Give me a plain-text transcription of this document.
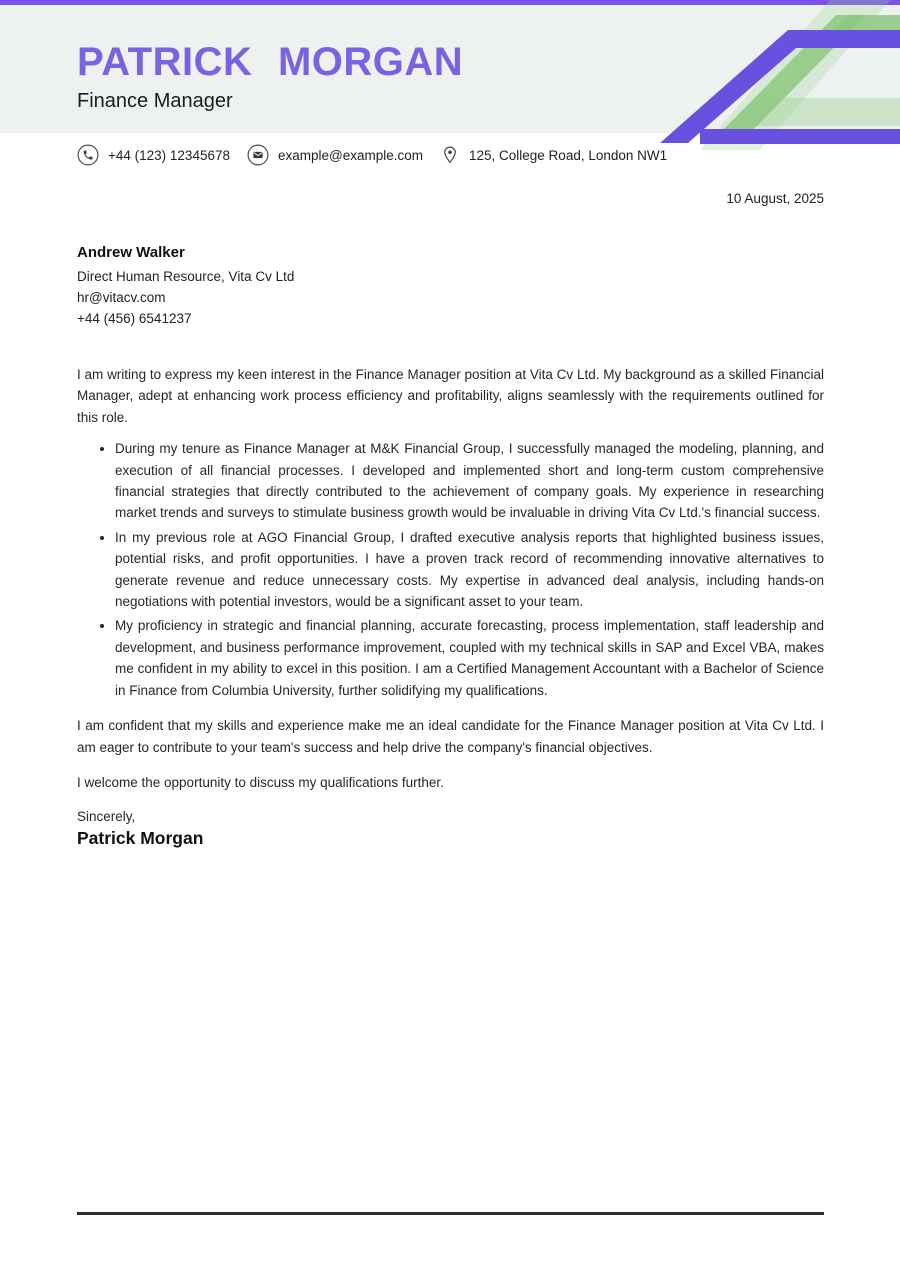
PATRICK MORGAN
Finance Manager
+44 (123) 12345678	example@example.com	125, College Road, London NW1
10 August, 2025
Andrew Walker
Direct Human Resource, Vita Cv Ltd
hr@vitacv.com
+44 (456) 6541237

I am writing to express my keen interest in the Finance Manager position at Vita Cv Ltd. My background as a skilled Financial Manager, adept at enhancing work process efficiency and profitability, aligns seamlessly with the requirements outlined for this role.

• During my tenure as Finance Manager at M&K Financial Group, I successfully managed the modeling, planning, and execution of all financial processes. I developed and implemented short and long-term custom comprehensive financial strategies that directly contributed to the achievement of company goals. My experience in researching market trends and surveys to stimulate business growth would be invaluable in driving Vita Cv Ltd.'s financial success.
• In my previous role at AGO Financial Group, I drafted executive analysis reports that highlighted business issues, potential risks, and profit opportunities. I have a proven track record of recommending innovative alternatives to generate revenue and reduce unnecessary costs. My expertise in advanced deal analysis, including hands-on negotiations with potential investors, would be a significant asset to your team.
• My proficiency in strategic and financial planning, accurate forecasting, process implementation, staff leadership and development, and business performance improvement, coupled with my technical skills in SAP and Excel VBA, makes me confident in my ability to excel in this position. I am a Certified Management Accountant with a Bachelor of Science in Finance from Columbia University, further solidifying my qualifications.

I am confident that my skills and experience make me an ideal candidate for the Finance Manager position at Vita Cv Ltd. I am eager to contribute to your team's success and help drive the company's financial objectives.

I welcome the opportunity to discuss my qualifications further.

Sincerely,
Patrick Morgan
